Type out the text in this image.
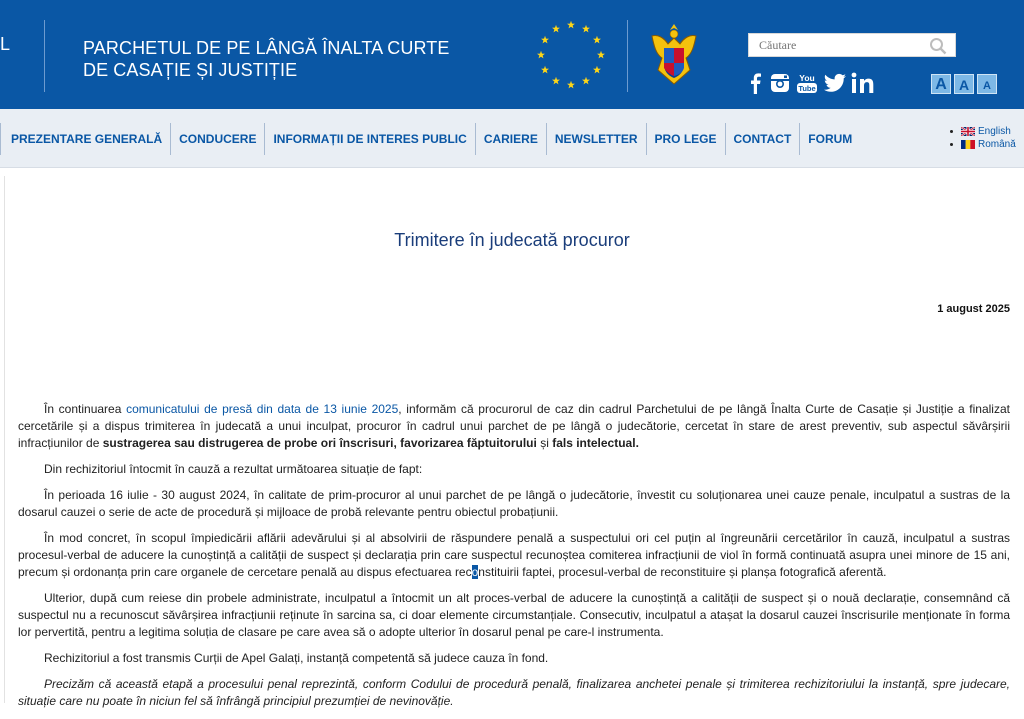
L	PARCHETUL DE PE LÂNGĂ ÎNALTA CURTE
DE CASAȚIE ȘI JUSTIȚIE
Căutare	You
Tube	A A	A
PREZENTARE GENERALĂ	CONDUCERE	INFORMAȚII DE INTERES PUBLIC	CARIERE	NEWSLETTER	PRO LEGE	CONTACT	FORUM
English
Română
Trimitere în judecată procuror
1 august 2025

În continuarea comunicatului de presă din data de 13 iunie 2025, informăm că procurorul de caz din cadrul Parchetului de pe lângă Înalta Curte de Casație și Justiție a finalizat cercetările și a dispus trimiterea în judecată a unui inculpat, procuror în cadrul unui parchet de pe lângă o judecătorie, cercetat în stare de arest preventiv, sub aspectul săvârșirii infracțiunilor de sustragerea sau distrugerea de probe ori înscrisuri, favorizarea făptuitorului și fals intelectual.

Din rechizitoriul întocmit în cauză a rezultat următoarea situație de fapt:

În perioada 16 iulie - 30 august 2024, în calitate de prim-procuror al unui parchet de pe lângă o judecătorie, învestit cu soluționarea unei cauze penale, inculpatul a sustras de la dosarul cauzei o serie de acte de procedură și mijloace de probă relevante pentru obiectul probațiunii.

În mod concret, în scopul împiedicării aflării adevărului și al absolvirii de răspundere penală a suspectului ori cel puțin al îngreunării cercetărilor în cauză, inculpatul a sustras procesul-verbal de aducere la cunoștință a calității de suspect și declarația prin care suspectul recunoștea comiterea infracțiunii de viol în formă continuată asupra unei minore de 15 ani, precum și ordonanța prin care organele de cercetare penală au dispus efectuarea reconstituirii faptei, procesul-verbal de reconstituire și planșa fotografică aferentă.

Ulterior, după cum reiese din probele administrate, inculpatul a întocmit un alt proces-verbal de aducere la cunoștință a calității de suspect și o nouă declarație, consemnând că suspectul nu a recunoscut săvârșirea infracțiunii reținute în sarcina sa, ci doar elemente circumstanțiale. Consecutiv, inculpatul a atașat la dosarul cauzei înscrisurile menționate în forma lor pervertită, pentru a legitima soluția de clasare pe care avea să o adopte ulterior în dosarul penal pe care-l instrumenta.

Rechizitoriul a fost transmis Curții de Apel Galați, instanță competentă să judece cauza în fond.

Precizăm că această etapă a procesului penal reprezintă, conform Codului de procedură penală, finalizarea anchetei penale și trimiterea rechizitoriului la instanță, spre judecare, situație care nu poate în niciun fel să înfrângă principiul prezumției de nevinovăție.
